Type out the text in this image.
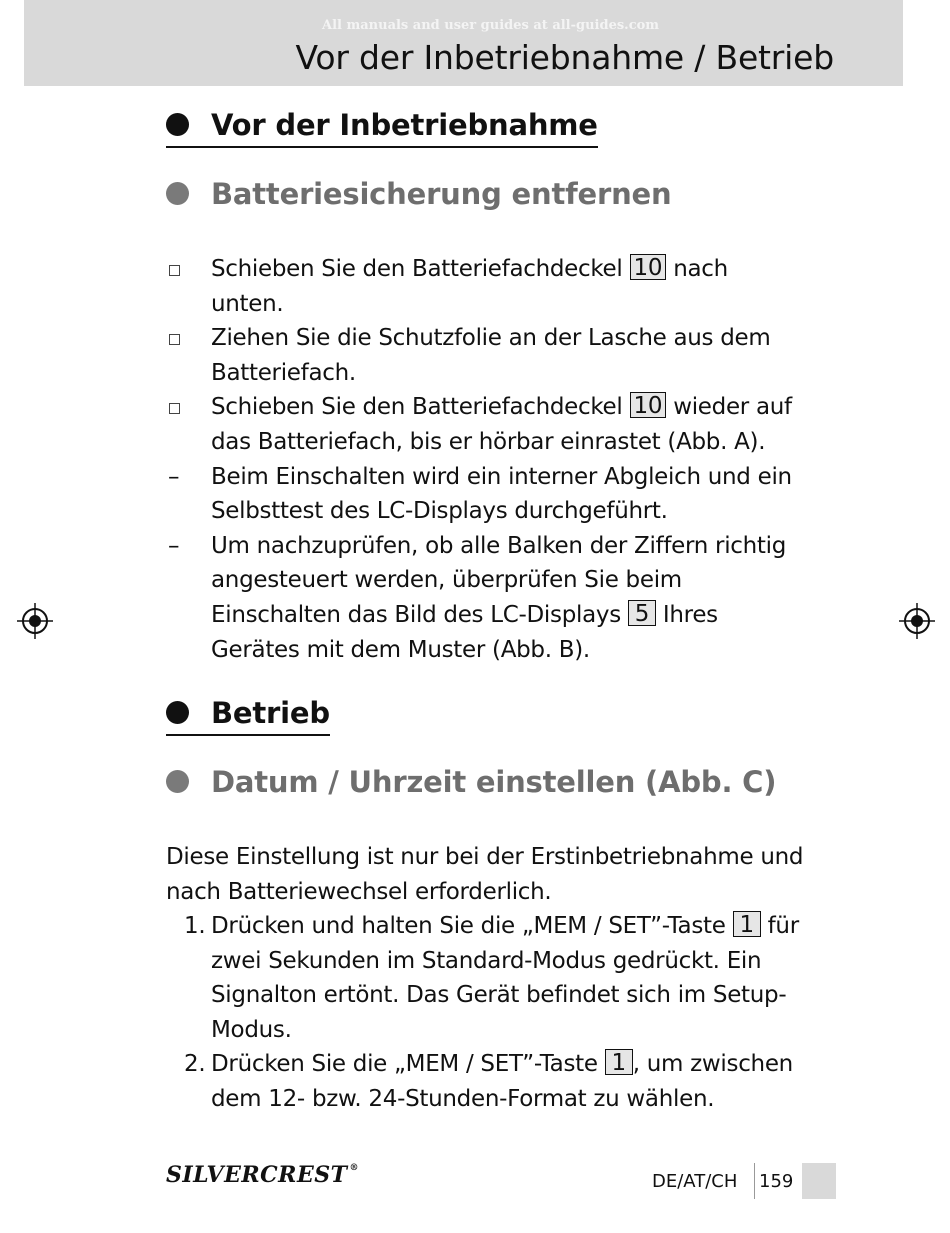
All manuals and user guides at all-guides.com
Vor der Inbetriebnahme / Betrieb
Vor der Inbetriebnahme
Batteriesicherung entfernen
Schieben Sie den Batteriefachdeckel 10 nach unten.
Ziehen Sie die Schutzfolie an der Lasche aus dem Batteriefach.
Schieben Sie den Batteriefachdeckel 10 wieder auf das Batteriefach, bis er hörbar einrastet (Abb. A).
– Beim Einschalten wird ein interner Abgleich und ein Selbsttest des LC-Displays durchgeführt.
– Um nachzuprüfen, ob alle Balken der Ziffern richtig angesteuert werden, überprüfen Sie beim Einschalten das Bild des LC-Displays 5 Ihres Gerätes mit dem Muster (Abb. B).
Betrieb
Datum / Uhrzeit einstellen (Abb. C)
Diese Einstellung ist nur bei der Erstinbetriebnahme und nach Batteriewechsel erforderlich.
1. Drücken und halten Sie die „MEM / SET”-Taste 1 für zwei Sekunden im Standard-Modus gedrückt. Ein Signalton ertönt. Das Gerät befindet sich im Setup-Modus.
2. Drücken Sie die „MEM / SET”-Taste 1 , um zwischen dem 12- bzw. 24-Stunden-Format zu wählen.
SILVERCREST ®
DE/AT/CH 159
